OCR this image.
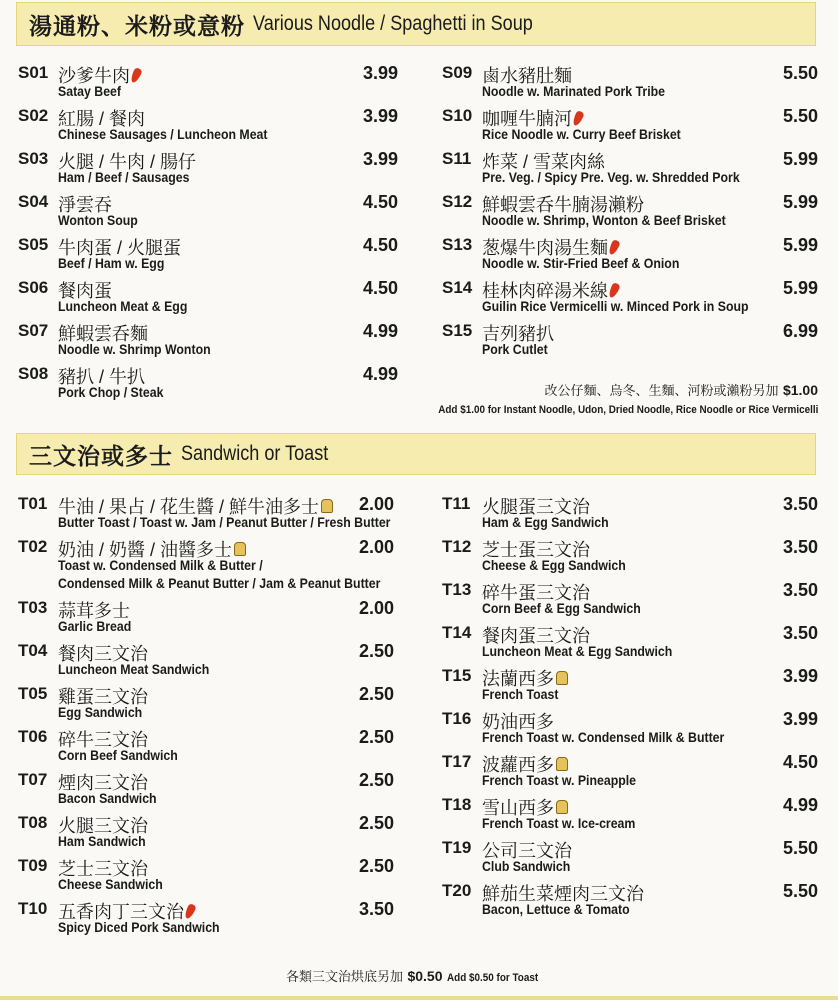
湯通粉、米粉或意粉 Various Noodle / Spaghetti in Soup
S01 沙爹牛肉
Satay Beef
3.99
S02 紅腸 / 餐肉
Chinese Sausages / Luncheon Meat
3.99
S03 火腿 / 牛肉 / 腸仔
Ham / Beef / Sausages
3.99
S04 淨雲吞
Wonton Soup
4.50
S05 牛肉蛋 / 火腿蛋
Beef / Ham w. Egg
4.50
S06 餐肉蛋
Luncheon Meat & Egg
4.50
S07 鮮蝦雲呑麵
Noodle w. Shrimp Wonton
4.99
S08 豬扒 / 牛扒
Pork Chop / Steak
4.99
S09 鹵水豬肚麵
Noodle w. Marinated Pork Tribe
5.50
S10 咖喱牛腩河
Rice Noodle w. Curry Beef Brisket
5.50
S11 炸菜 / 雪菜肉絲
Pre. Veg. / Spicy Pre. Veg. w. Shredded Pork
5.99
S12 鮮蝦雲呑牛腩湯瀨粉
Noodle w. Shrimp, Wonton & Beef Brisket
5.99
S13 葱爆牛肉湯生麵
Noodle w. Stir-Fried Beef & Onion
5.99
S14 桂林肉碎湯米線
Guilin Rice Vermicelli w. Minced Pork in Soup
5.99
S15 吉列豬扒
Pork Cutlet
6.99
改公仔麵、烏冬、生麵、河粉或瀨粉另加 $1.00
Add $1.00 for Instant Noodle, Udon, Dried Noodle, Rice Noodle or Rice Vermicelli
三文治或多士 Sandwich or Toast
T01 牛油 / 果占 / 花生醬 / 鮮牛油多士
Butter Toast / Toast w. Jam / Peanut Butter / Fresh Butter
2.00
T02 奶油 / 奶醬 / 油醬多士
Toast w. Condensed Milk & Butter /
Condensed Milk & Peanut Butter / Jam & Peanut Butter
2.00
T03 蒜茸多士
Garlic Bread
2.00
T04 餐肉三文治
Luncheon Meat Sandwich
2.50
T05 雞蛋三文治
Egg Sandwich
2.50
T06 碎牛三文治
Corn Beef Sandwich
2.50
T07 煙肉三文治
Bacon Sandwich
2.50
T08 火腿三文治
Ham Sandwich
2.50
T09 芝士三文治
Cheese Sandwich
2.50
T10 五香肉丁三文治
Spicy Diced Pork Sandwich
3.50
T11 火腿蛋三文治
Ham & Egg Sandwich
3.50
T12 芝士蛋三文治
Cheese & Egg Sandwich
3.50
T13 碎牛蛋三文治
Corn Beef & Egg Sandwich
3.50
T14 餐肉蛋三文治
Luncheon Meat & Egg Sandwich
3.50
T15 法蘭西多
French Toast
3.99
T16 奶油西多
French Toast w. Condensed Milk & Butter
3.99
T17 波蘿西多
French Toast w. Pineapple
4.50
T18 雪山西多
French Toast w. Ice-cream
4.99
T19 公司三文治
Club Sandwich
5.50
T20 鮮茄生菜煙肉三文治
Bacon, Lettuce & Tomato
5.50
各類三文治烘底另加 $0.50 Add $0.50 for Toast
